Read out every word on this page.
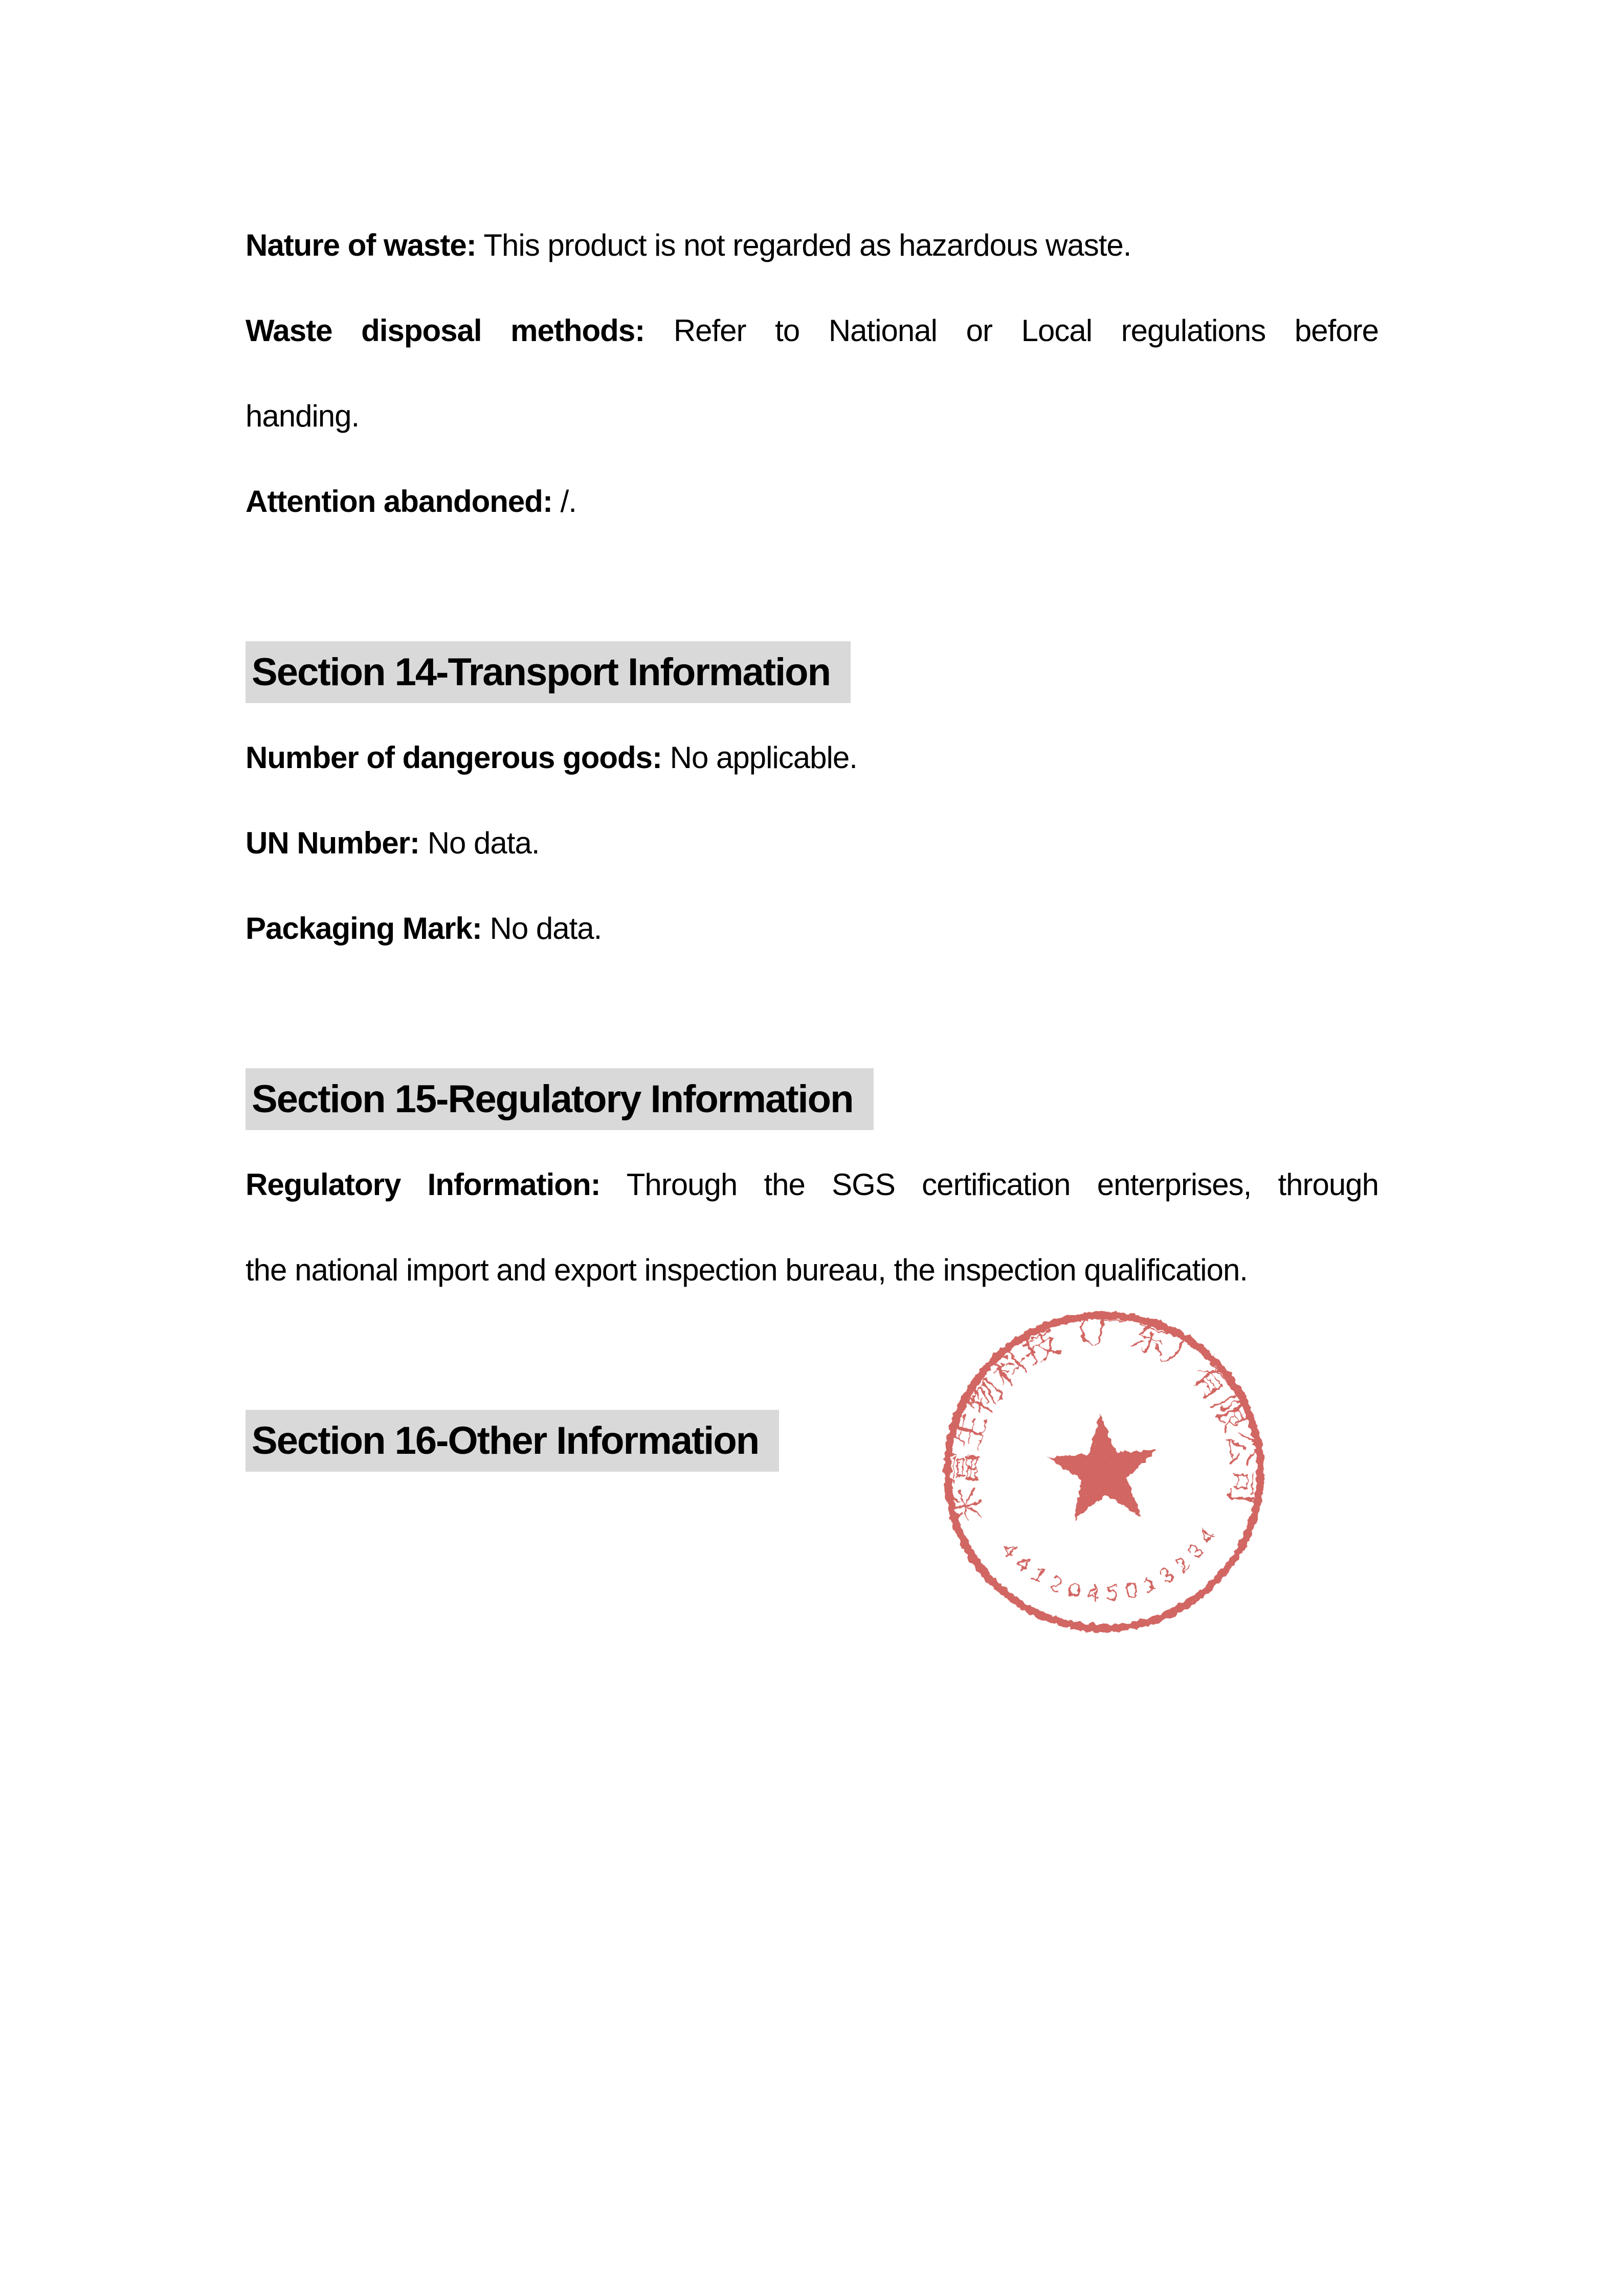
Nature of waste: This product is not regarded as hazardous waste.

Waste disposal methods: Refer to National or Local regulations before

handing.

Attention abandoned: /.

Section 14-Transport Information

Number of dangerous goods: No applicable.

UN Number: No data.

Packaging Mark: No data.

Section 15-Regulatory Information

Regulatory Information: Through the SGS certification enterprises, through

the national import and export inspection bureau, the inspection qualification.

Section 16-Other Information

米富生物科技（广东）有限公司
4412045013234
